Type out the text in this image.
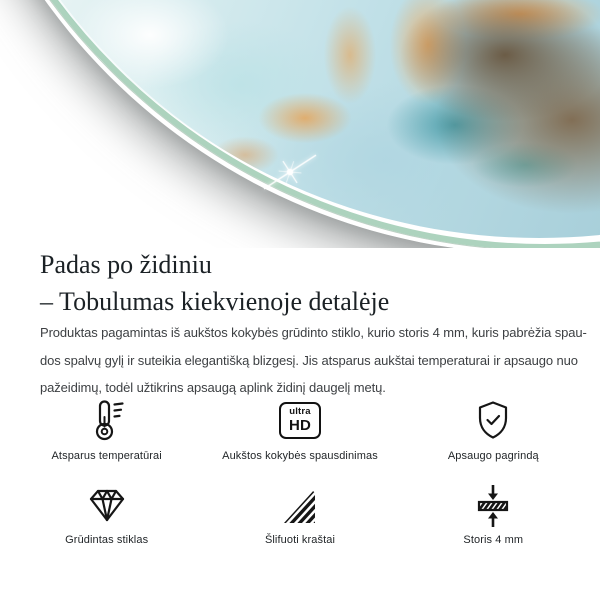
Padas po židiniu
– Tobulumas kiekvienoje detalėje

Produktas pagamintas iš aukštos kokybės grūdinto stiklo, kurio storis 4 mm, kuris pabrėžia spau-
dos spalvų gylį ir suteikia elegantišką blizgesį. Jis atsparus aukštai temperaturai ir apsaugo nuo
pažeidimų, todėl užtikrins apsaugą aplink židinį daugelį metų.

Atsparus temperatūrai
ultra
HD
Aukštos kokybės spausdinimas	Apsaugo pagrindą
Grūdintas stiklas	Šlifuoti kraštai	Storis 4 mm
